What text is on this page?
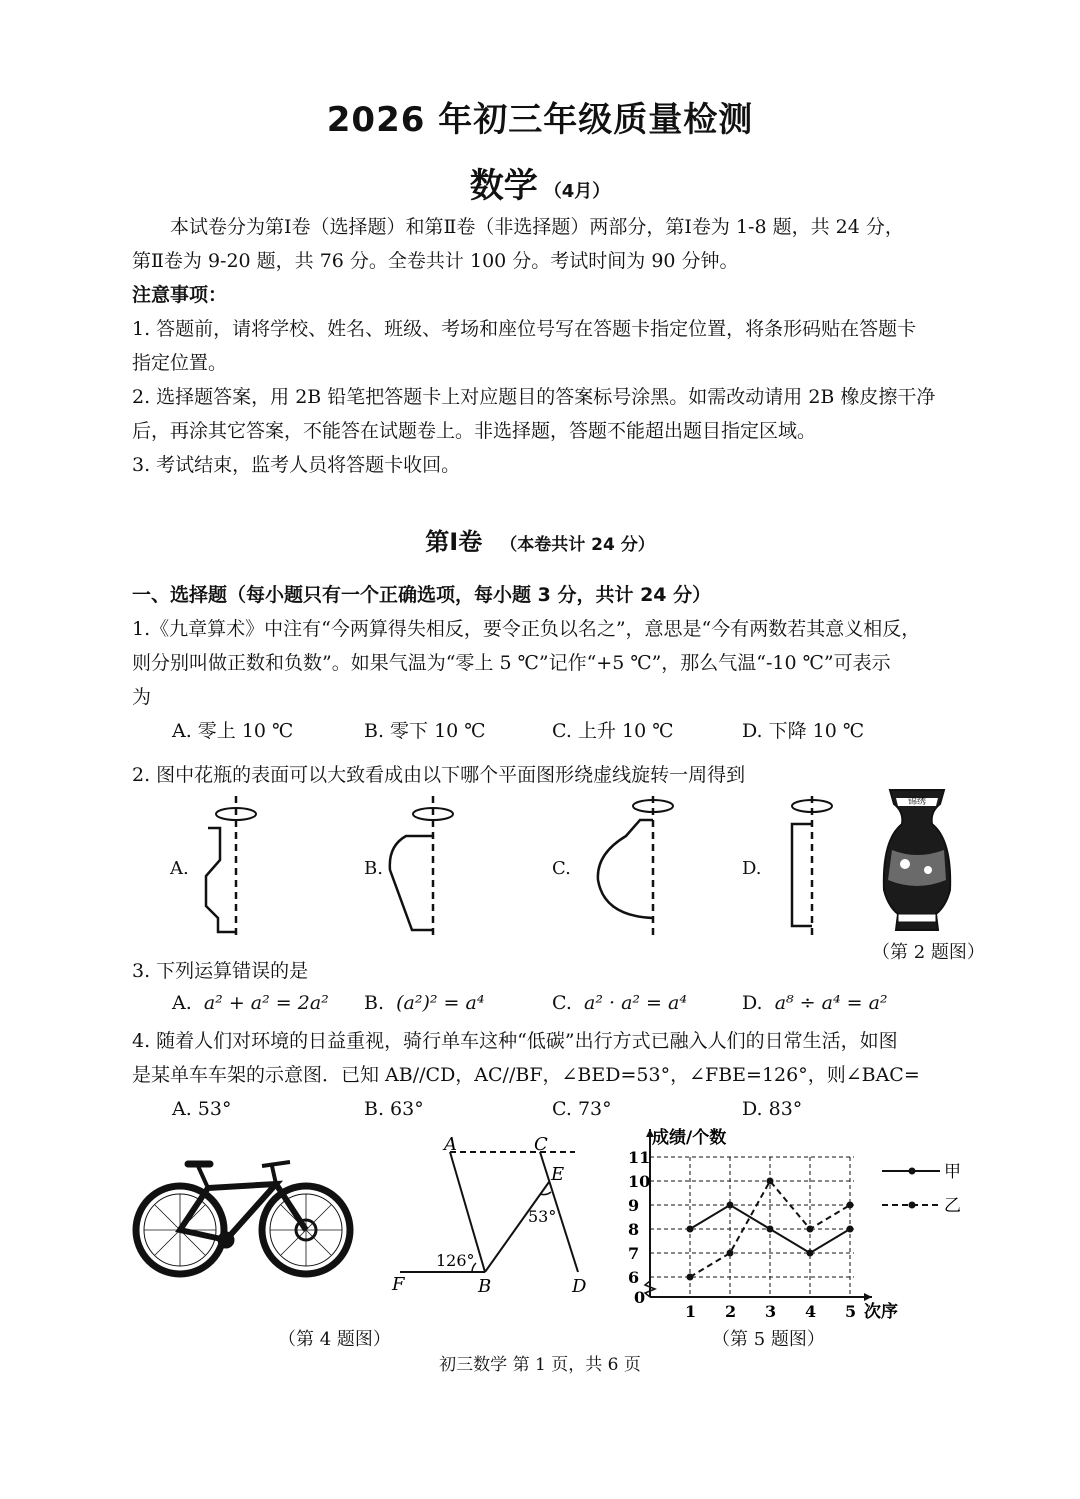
2026 年初三年级质量检测
数学 （4月）
本试卷分为第Ⅰ卷（选择题）和第Ⅱ卷（非选择题）两部分，第Ⅰ卷为 1-8 题，共 24 分，
第Ⅱ卷为 9-20 题，共 76 分。全卷共计 100 分。考试时间为 90 分钟。
注意事项：
1. 答题前，请将学校、姓名、班级、考场和座位号写在答题卡指定位置，将条形码贴在答题卡
指定位置。
2. 选择题答案，用 2B 铅笔把答题卡上对应题目的答案标号涂黑。如需改动请用 2B 橡皮擦干净
后，再涂其它答案，不能答在试题卷上。非选择题，答题不能超出题目指定区域。
3. 考试结束，监考人员将答题卡收回。
第Ⅰ卷 （本卷共计 24 分）
一、选择题（每小题只有一个正确选项，每小题 3 分，共计 24 分）
1.《九章算术》中注有“今两算得失相反，要令正负以名之”，意思是“今有两数若其意义相反，
则分别叫做正数和负数”。如果气温为“零上 5 ℃”记作“+5 ℃”，那么气温“-10 ℃”可表示
为
A. 零上 10 ℃	B. 零下 10 ℃	C. 上升 10 ℃	D. 下降 10 ℃
2. 图中花瓶的表面可以大致看成由以下哪个平面图形绕虚线旋转一周得到
A.	B.	C.	D.
锦绣
（第 2 题图）
3. 下列运算错误的是
A. a² + a² = 2a² B. (a²)² = a⁴	C. a² · a² = a⁴	D. a⁸ ÷ a⁴ = a²
4. 随着人们对环境的日益重视，骑行单车这种“低碳”出行方式已融入人们的日常生活，如图
是某单车车架的示意图．已知 AB//CD，AC//BF，∠BED=53°，∠FBE=126°，则∠BAC=
A. 53°	B. 63°	C. 73°	D. 83°
（第 4 题图）
A	C
E
B	D
F
53°
126°
成绩/个数
次序
0
6
7
8
9
10
11
1 2 3 4 5
甲
乙
（第 5 题图）
初三数学 第 1 页，共 6 页
